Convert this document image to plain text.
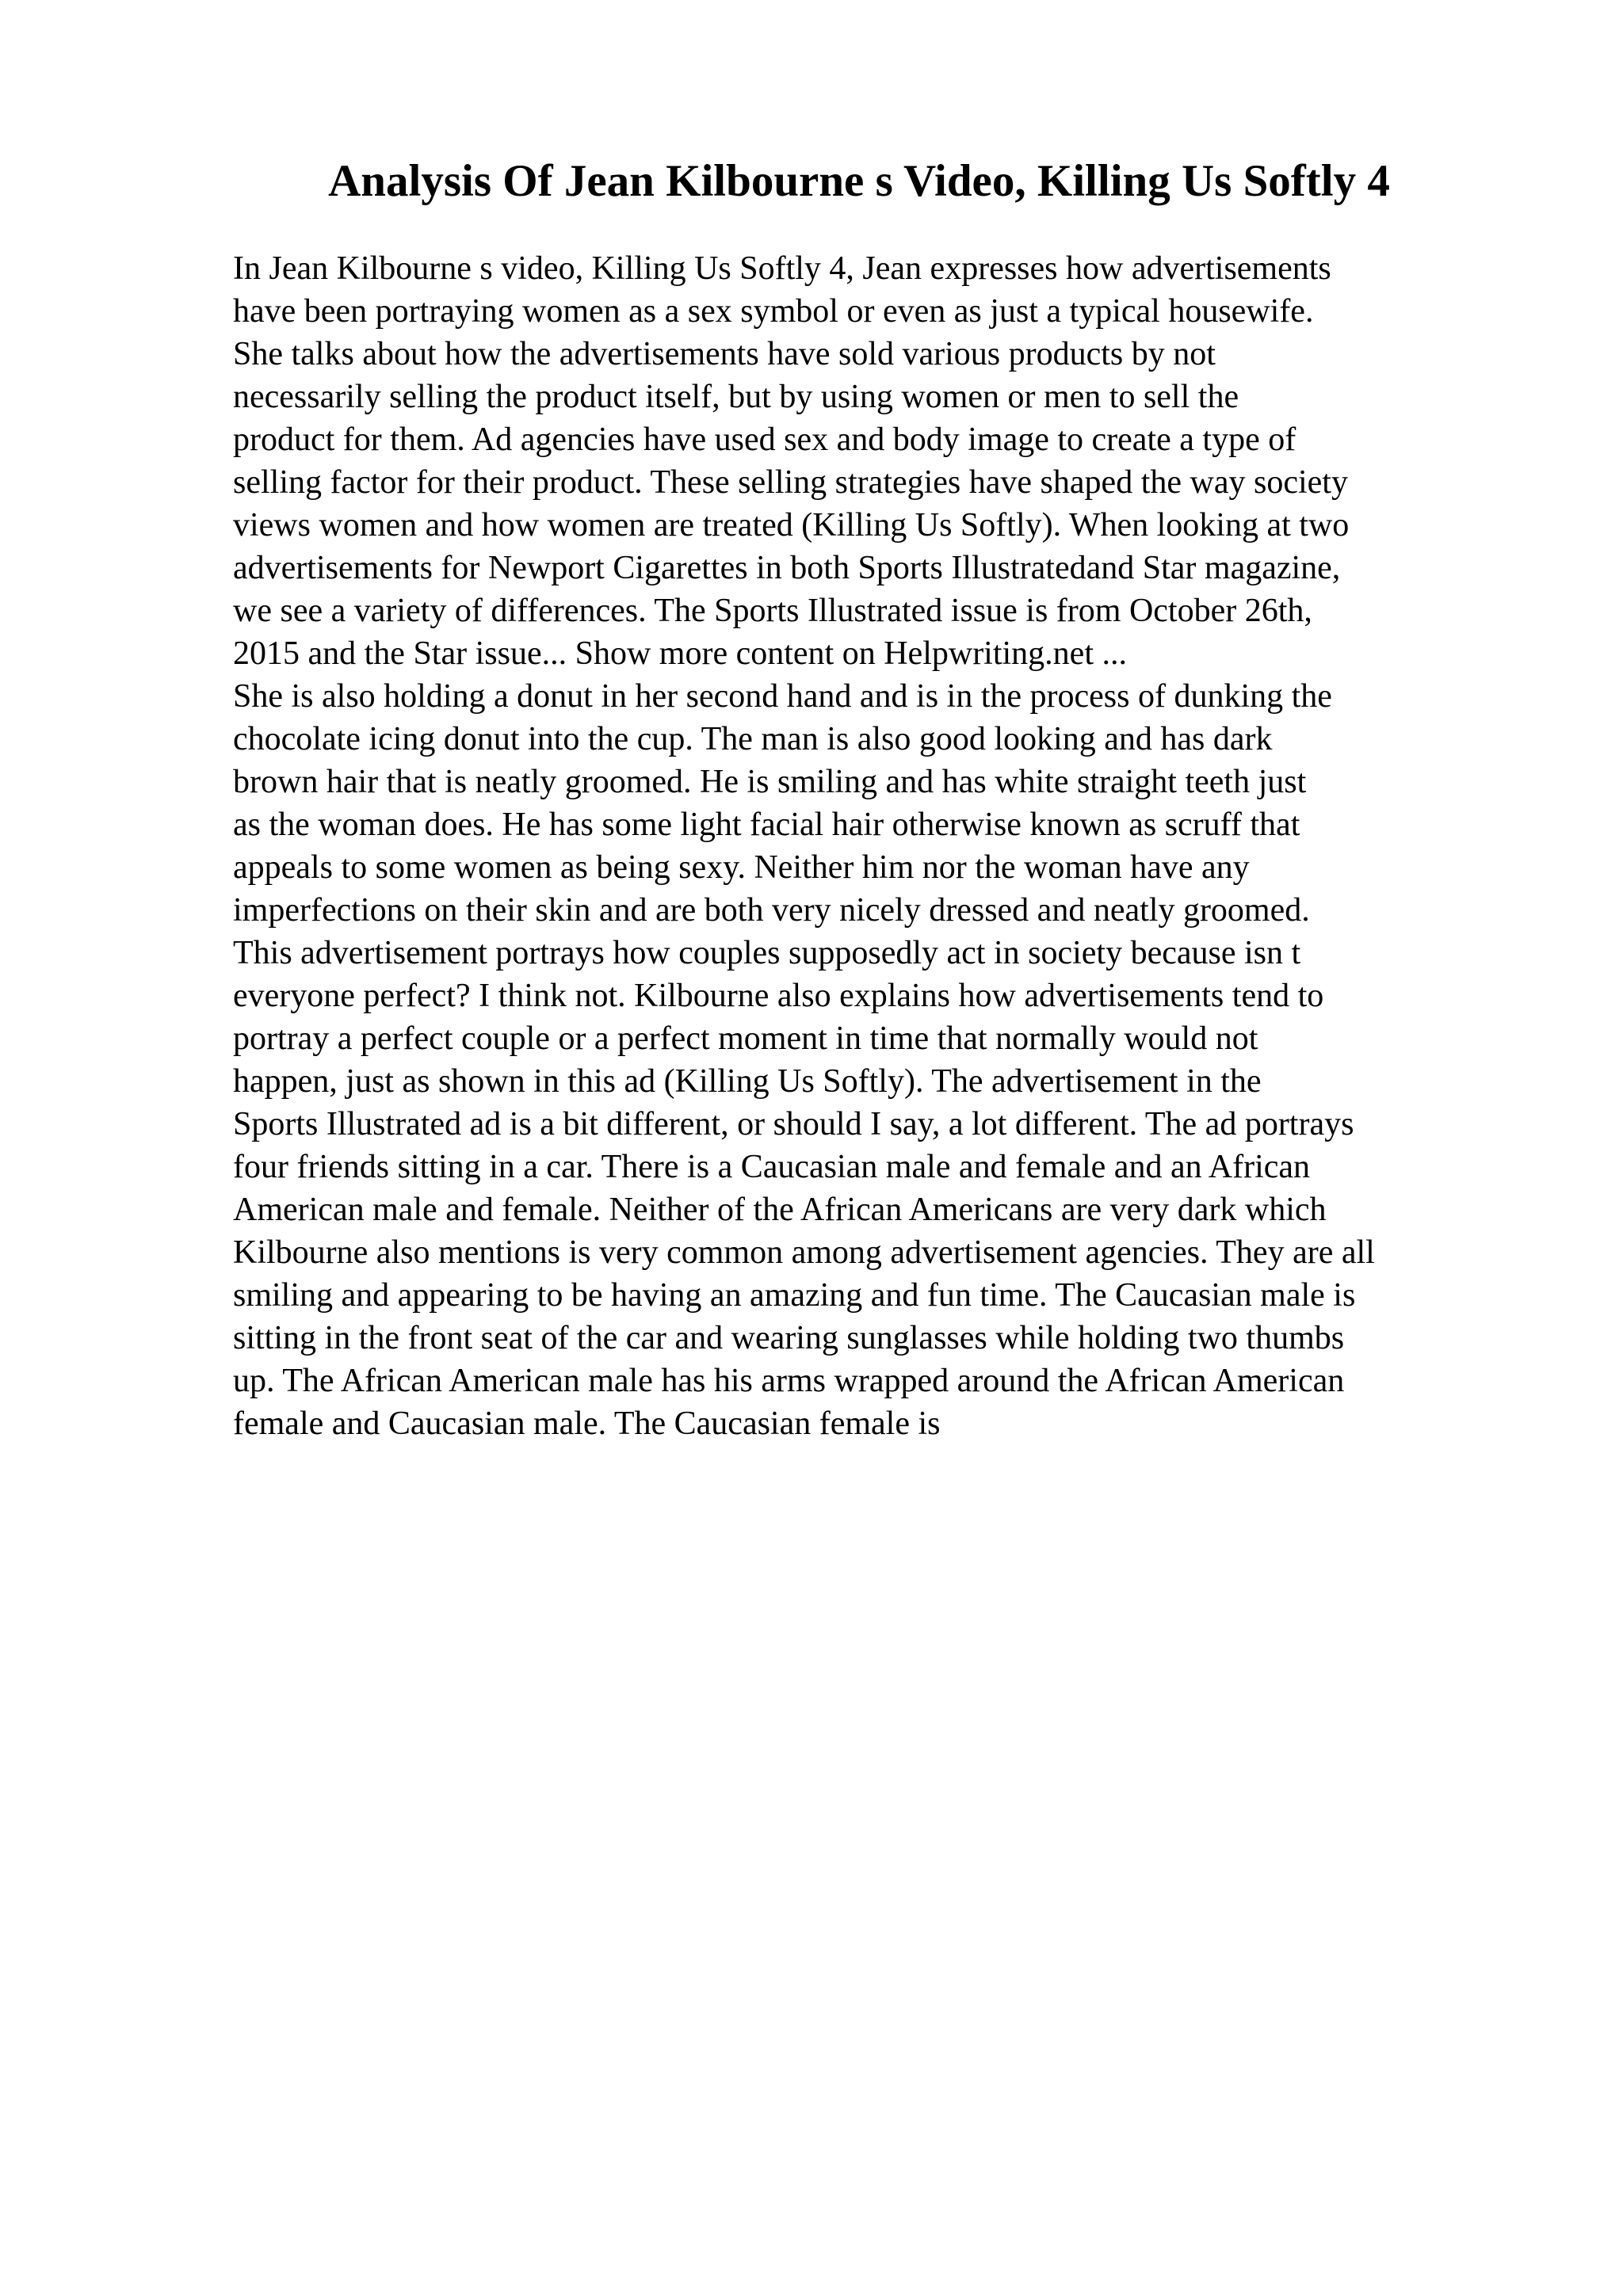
Analysis Of Jean Kilbourne s Video, Killing Us Softly 4
In Jean Kilbourne s video, Killing Us Softly 4, Jean expresses how advertisements
have been portraying women as a sex symbol or even as just a typical housewife.
She talks about how the advertisements have sold various products by not
necessarily selling the product itself, but by using women or men to sell the
product for them. Ad agencies have used sex and body image to create a type of
selling factor for their product. These selling strategies have shaped the way society
views women and how women are treated (Killing Us Softly). When looking at two
advertisements for Newport Cigarettes in both Sports Illustratedand Star magazine,
we see a variety of differences. The Sports Illustrated issue is from October 26th,
2015 and the Star issue... Show more content on Helpwriting.net ...
She is also holding a donut in her second hand and is in the process of dunking the
chocolate icing donut into the cup. The man is also good looking and has dark
brown hair that is neatly groomed. He is smiling and has white straight teeth just
as the woman does. He has some light facial hair otherwise known as scruff that
appeals to some women as being sexy. Neither him nor the woman have any
imperfections on their skin and are both very nicely dressed and neatly groomed.
This advertisement portrays how couples supposedly act in society because isn t
everyone perfect? I think not. Kilbourne also explains how advertisements tend to
portray a perfect couple or a perfect moment in time that normally would not
happen, just as shown in this ad (Killing Us Softly). The advertisement in the
Sports Illustrated ad is a bit different, or should I say, a lot different. The ad portrays
four friends sitting in a car. There is a Caucasian male and female and an African
American male and female. Neither of the African Americans are very dark which
Kilbourne also mentions is very common among advertisement agencies. They are all
smiling and appearing to be having an amazing and fun time. The Caucasian male is
sitting in the front seat of the car and wearing sunglasses while holding two thumbs
up. The African American male has his arms wrapped around the African American
female and Caucasian male. The Caucasian female is
